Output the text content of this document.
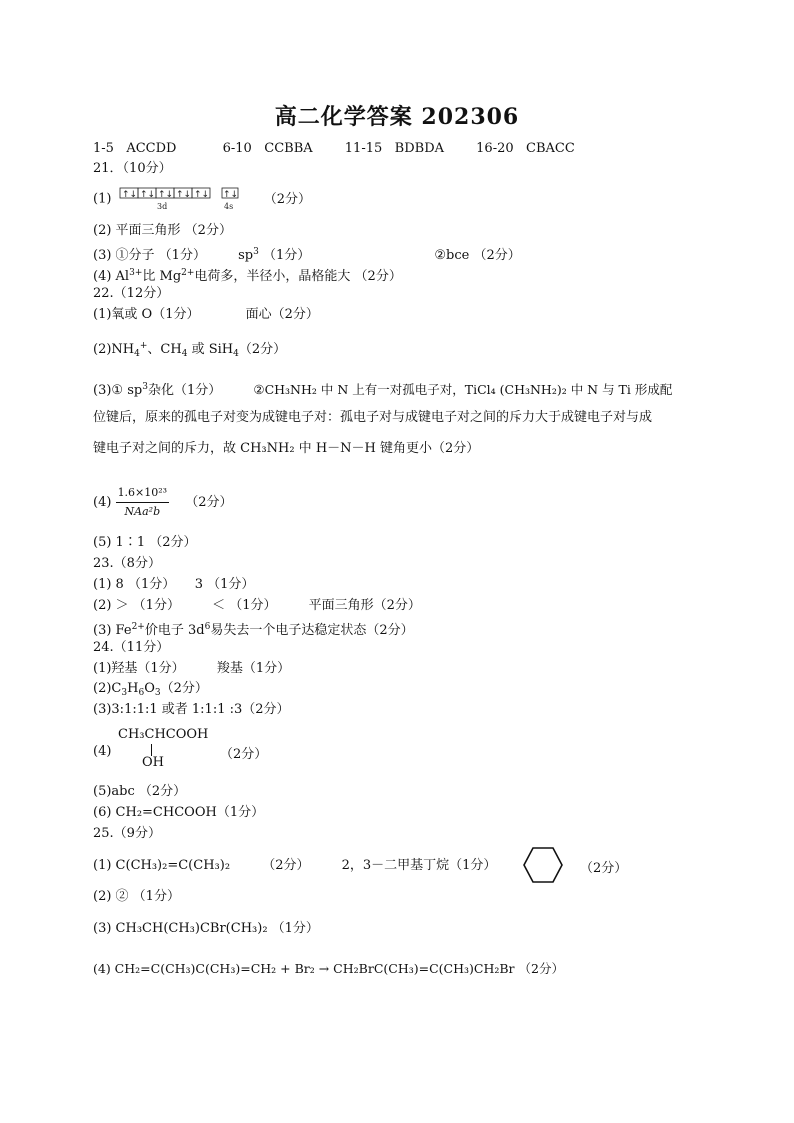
高二化学答案 202306
1-5 ACCDD	6-10 CCBBA 11-15 BDBDA 16-20 CBACC
21．（10分）
(1) ↑↓ ↑↓ ↑↓ ↑↓ ↑↓ ↑↓
3d	4s （2分）
(2) 平面三角形 （2分）
(3) ①分子 （1分） $sp^3$ （1分）	②bce （2分）
(4) $Al^{3+}$比 $Mg^{2+}$电荷多，半径小，晶格能大 （2分）
22.（12分）
(1)氧或 O（1分）	面心（2分）
$(2)NH_4^+$、$CH_4$ 或 SiH$_4$（2分）
(3)① $sp^3$杂化（1分）	②CH₃NH₂ 中 N 上有一对孤电子对，TiCl₄ (CH₃NH₂)₂ 中 N 与 Ti 形成配
位键后，原来的孤电子对变为成键电子对：孤电子对与成键电子对之间的斥力大于成键电子对与成
键电子对之间的斥力，故 CH₃NH₂ 中 H－N－H 键角更小（2分）
$(4) \frac{\text{1.6×10²³}}{\text{NAa²b}} (2$分）
(5) 1∶1 （2分）
23.（8分）
(1) 8 （1分）　　3 （1分）
(2) ＞ （1分） ＜ （1分） 平面三角形（2分）
(3) $Fe^{2+}$价电子 $3d^6$易失去一个电子达稳定状态（2分）
24.（11分）
(1)羟基（1分） 羧基（1分）
$(2)C_3H_6O_3(2$分）
(3)3:1:1:1 或者 1:1:1 :3（2分）
(4)
CH₃CHCOOH
OH
（2分）
(5)abc （2分）
(6) CH₂=CHCOOH（1分）
25.（9分）
(1) C(CH₃)₂=C(CH₃)₂ （2分） 2，3－二甲基丁烷（1分）	（2分）
(2) ② （1分）
(3) CH₃CH(CH₃)CBr(CH₃)₂ （1分）
(4) CH₂=C(CH₃)C(CH₃)=CH₂ + Br₂ → CH₂BrC(CH₃)=C(CH₃)CH₂Br （2分）
